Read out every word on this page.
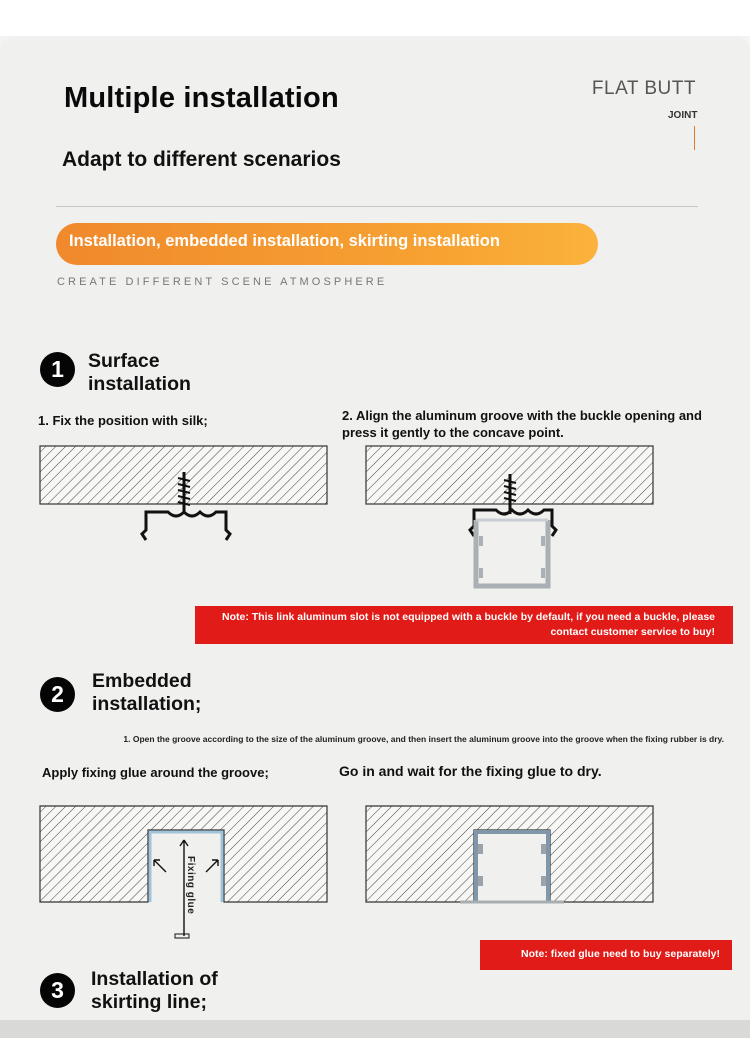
Multiple installation
Adapt to different scenarios
FLAT BUTT
JOINT
Installation, embedded installation, skirting installation
CREATE DIFFERENT SCENE ATMOSPHERE
1	Surface installation
1. Fix the position with silk;	2. Align the aluminum groove with the buckle opening and press it gently to the concave point.
Note: This link aluminum slot is not equipped with a buckle by default, if you need a buckle, please contact customer service to buy!
2	Embedded installation;
1. Open the groove according to the size of the aluminum groove, and then insert the aluminum groove into the groove when the fixing rubber is dry.
Apply fixing glue around the groove;	Go in and wait for the fixing glue to dry.
Fixing glue
Note: fixed glue need to buy separately!
3	Installation of skirting line;
